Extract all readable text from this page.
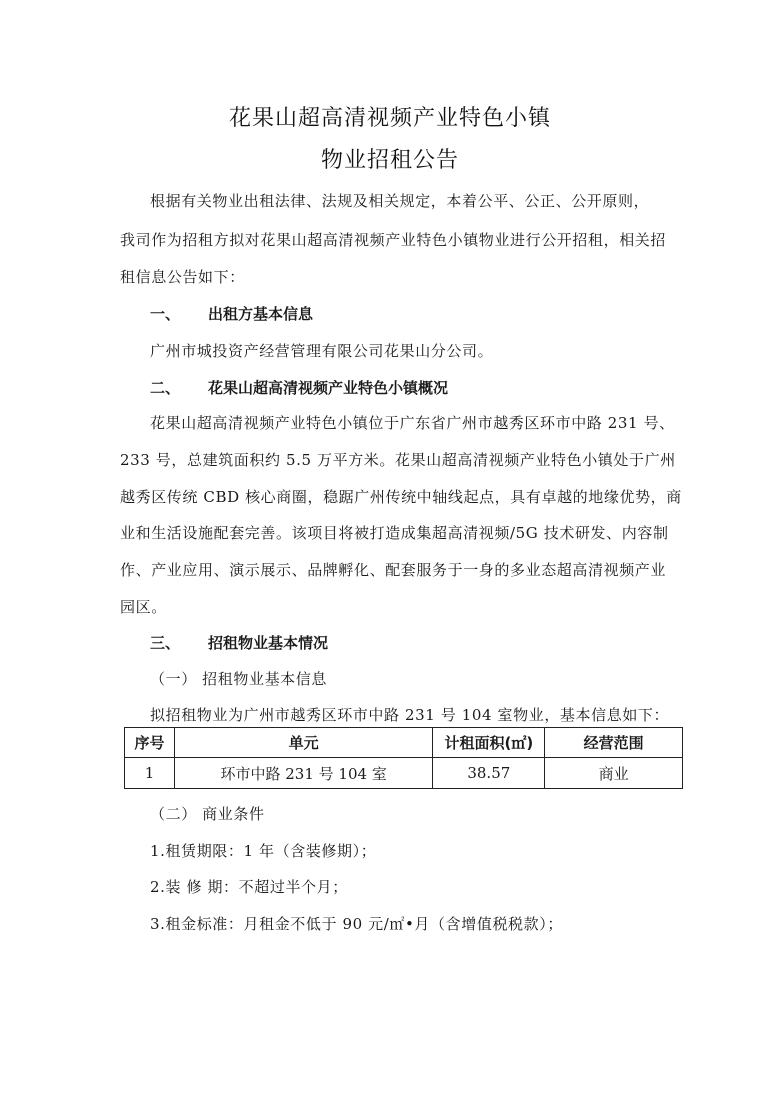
花果山超高清视频产业特色小镇
物业招租公告
根据有关物业出租法律、法规及相关规定，本着公平、公正、公开原则，
我司作为招租方拟对花果山超高清视频产业特色小镇物业进行公开招租，相关招
租信息公告如下：
一、 出租方基本信息
广州市城投资产经营管理有限公司花果山分公司。
二、 花果山超高清视频产业特色小镇概况
花果山超高清视频产业特色小镇位于广东省广州市越秀区环市中路 231 号、
233 号，总建筑面积约 5.5 万平方米。花果山超高清视频产业特色小镇处于广州
越秀区传统 CBD 核心商圈，稳踞广州传统中轴线起点，具有卓越的地缘优势，商
业和生活设施配套完善。该项目将被打造成集超高清视频/5G 技术研发、内容制
作、产业应用、演示展示、品牌孵化、配套服务于一身的多业态超高清视频产业
园区。
三、 招租物业基本情况
（一） 招租物业基本信息
拟招租物业为广州市越秀区环市中路 231 号 104 室物业，基本信息如下：
序号	单元	计租面积(㎡)	经营范围
1	环市中路 231 号 104 室	38.57	商业
（二） 商业条件
1.租赁期限：1 年（含装修期）；
2.装 修 期：不超过半个月；
3.租金标准：月租金不低于 90 元/㎡•月（含增值税税款）；
